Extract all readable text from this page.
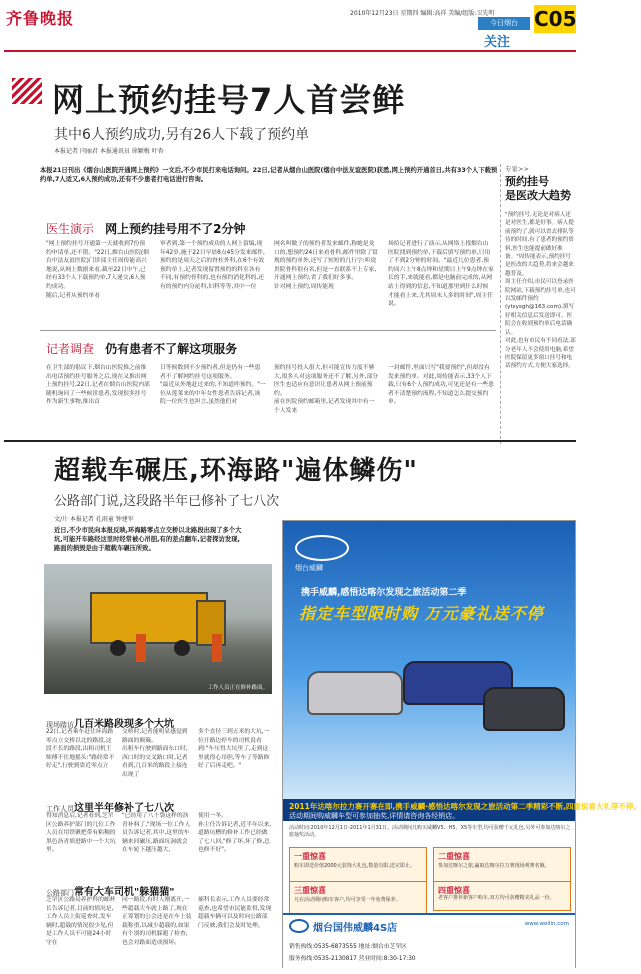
齐鲁晚报	2010年12月23日 星期四 编辑:高祥 美编/组版:卫先明
今日烟台
关注
C05
网上预约挂号7人首尝鲜
其中6人预约成功,另有26人下载了预约单
本报记者 闫丽君 本报通讯员 徐颖梅 叶杏
本报21日刊出《烟台山医院开通网上预约》一文后,不少市民打来电话询问。22日,记者从烟台山医院(烟台中法友谊医院)获悉,网上预约开通首日,共有33个人下载预约单,7人适又,6人预约成功,还有不少患者打电话进行咨询。
医生演示 网上预约挂号用不了2分钟
"网上预约挂号开通第一天就收到7份预约申请单,还不错。"22日,烟台山医院(烟台中法友谊医院)门诊部主任周传能高兴地说,从网上数据来看,截至22日中午,已经有33个人下载预约单,7人递交,6人预约成功。
随后,记者从预约单看
审者到,第一个预约成功的人网上留编,现年42岁,施于22日早晨8点45分发来邮件,预约的是周天之后的脊柱外科,在6个有效预约单上,记者发现留置预约的科室各有不同,有预约骨科的,也有预约消化科的,还有的预约内分泌科,妇科等等,其中一位
网名叫做子的预约者发来邮件,称她是龙口的,想预约24日来看骨科,邮件里除了常规的预约单外,还写了短短的几行字:听说贵院骨科很有名,但是一直联系不上专家,开通网上预约,省了我们好多事。
针对网上预约,周传能现
场给记者进行了演示,从网络上找烟台山医院找到预约单,下载后填写预约单,只用了不到2分钟的时间。"最近几位患者,预约周六上午8点钟和星期日上午9点钟在家长的手,来就能看,都是电脑前完成的,从网站上得到的信息,不知道那里到什么时候才能看上来,尤其周末人多的时间",周主任说。
记者调查 仍有患者不了解这项服务
在卫生部的倡议下,烟台山医院推之前推出电话预约挂号服务之后,现在又推出网上预约挂号,22日,记者在烟台山医院内部随机询问了一些候诊患者,发现很多挂号作为新生事物,推出首
日等候数到不少预约者,但是仍有一些患者不了解网约挂号这项服务。
"最近从外地赶过来的,不知道咋预约。"一位从莲莱来的中年女性患者告诉记者,该院一位医生也坦言,虽然他们对
预约挂号投入很大,但可能宣传力度不够大,很多人对这项服务还不了解,另外,部分医生也适应有意识让患者从网上预前预约。
前在医院预约邮箱里,记者发现其中有一个人发来
一封邮件,里面只写"我要预约",但却没有发来预约单。对此,周传能表示,33个人下载,只有6个人预约成功,可见还是有一些患者不清楚预约流程,不知道怎么提交预约单。
专家>>
预约挂号
是医改大趋势
"预约挂号,无论是对病人还是对医生,都是好事。病人提前预约了,就可以省去排队等待的时间,有了患者的预约资料,医生也能提前做好准备。"周传能表示,预约挂号是医改的大趋势,将来会越来越普及。
周主任介绍,市民可以登录医院网站,下载预约挂号单,也可以发邮件预约(ytsysgh@163.com),填写好相关信息后发送即可。医院会在收到预约单后电话确认。
对此,也有市民有不同看法,部分老年人不会使用电脑,希望医院保留更多窗口挂号和电话预约方式,方便大家选择。
超载车碾压,环海路"遍体鳞伤"
公路部门说,这段路半年已修补了七八次
文/片 本报记者 孔雨童 钟建军
近日,不少市民向本报反映,环海路零点立交桥以北路段出现了多个大坑,可能开车路经这里时经常被心吊胆,有的差点翻车,记者探访发现,路面的损毁是由于超载车碾压所致。
工作人员正在修补路面。
现场踏访几百米路段现多个大坑
22日,记者乘车赶往环海路零点立交桥以北的路段,这段不长的路段,出租司机王师傅不住地摇头:"路经常不好走",行驶到靠近零点立
交桥时,记者能明显感觉到路面的颠簸。
出租车行驶到路面东口时,西口时的交叉路口时,记者看到,几百米的路段上接连出现了
多个直径三到五米的大坑,一位开路边停车的司机说看到:"车压得大坑里了,走到这里就得心吊胆,等车了等路修好了后再走吧。"
工作人员这里半年修补了七八次
得知消息后,记者看到,芝罘区公路养护部门的几位工作人员在用铁锹把带有粘稠的黑色沥青填进路中一个大坑里。
"已经用了八十袋这样的沥青补料了,"现场一位工作人员告诉记者,其中,这里的车辆来回碾压,路面坑洞就会在车轮下越压越大,
使用一冬。
孙主任告诉记者,近半年以来,道路坑槽的修补工作已经做了七八回,"修了坏,坏了修,总也修不好"。
公路部门常有大车司机"躲猫猫"
芝罘区公路局养护科的邮杯长告诉记者,目前的情况是,工作人员上街巡查时,发车辆时,超载的情况很少见,但是工作人员不可能24小时守在
同一路段,有时人刚离开,一些超载大车就上路了,现在正筹划的公会还是在车上装载称重,以减少超载的,如果有个别的司机躲避了检查,也会对路面造成损坏。
郝科长表示,工作人员要经常巡查,也希望市民能监督,发现超载车辆可以及时向公路部门反映,我们会及时处理。
烟台威麟
携手威麟,感悟达喀尔发现之旅活动第二季
指定车型限时购 万元豪礼送不停
2011年达喀尔拉力赛开赛在即,携手威麟·感悟达喀尔发现之旅活动第二季精彩不断,四重惊喜大礼等不停。
活动期间购威麟车型可参加抽奖,详情请咨询各经销店。
活动时间:2010年12月1日-2011年1月31日。活动期间凡购买威麟V5、H5、X5等车型,均可获赠千元礼包,另外可参加达喀尔之旅抽奖活动。
一重惊喜
购车即送价值2000元装饰大礼包,数量有限,送完即止。
二重惊喜
参加达喀尔之旅,赢取达喀尔拉力赛现场观赛名额。
三重惊喜
凡在活动期间购车客户,均可享受一年免费保养。
四重惊喜
老客户推荐新客户购车,双方均可获赠精美礼品一份。
烟台国伟威麟4S店	www.weilin.com
销售热线:0535-6873555 地址:烟台市芝罘区
服务热线:0535-2130817 营业时间:8:30-17:30
